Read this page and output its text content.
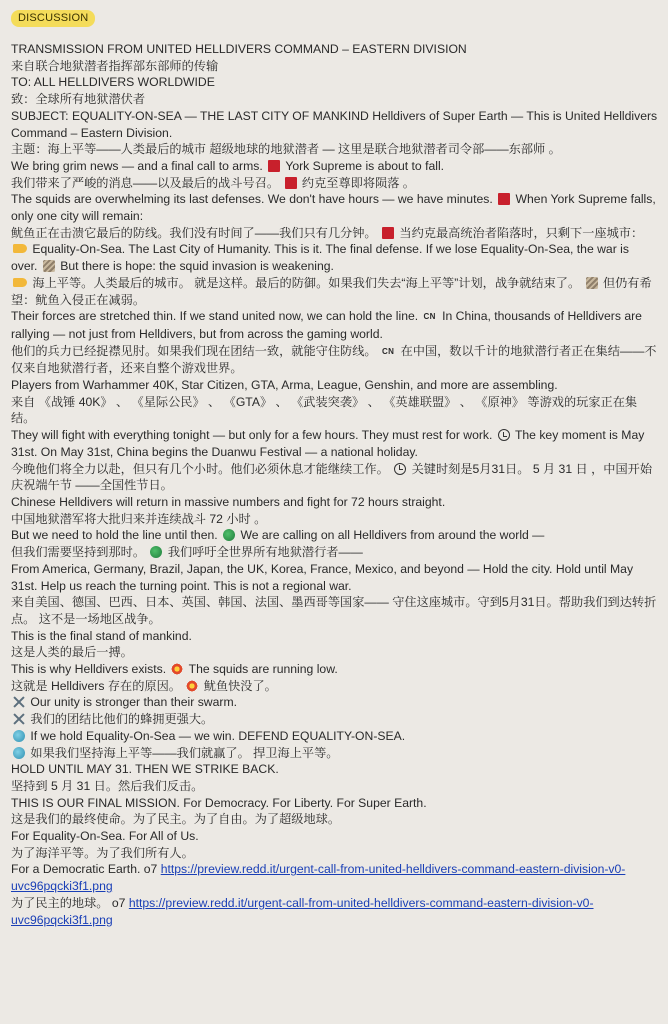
DISCUSSION

TRANSMISSION FROM UNITED HELLDIVERS COMMAND – EASTERN DIVISION

来自联合地狱潜者指挥部东部师的传输

TO: ALL HELLDIVERS WORLDWIDE

致：全球所有地狱潜伏者

SUBJECT: EQUALITY-ON-SEA — THE LAST CITY OF MANKIND Helldivers of Super Earth — This is United Helldivers Command – Eastern Division.

主题：海上平等——人类最后的城市 超级地球的地狱潜者 — 这里是联合地狱潜者司令部——东部师 。

We bring grim news — and a final call to arms. York Supreme is about to fall.

我们带来了严峻的消息——以及最后的战斗号召。 约克至尊即将陨落 。

The squids are overwhelming its last defenses. We don't have hours — we have minutes. When York Supreme falls, only one city will remain:

鱿鱼正在击溃它最后的防线。我们没有时间了——我们只有几分钟。 当约克最高统治者陷落时，只剩下一座城市：

Equality-On-Sea. The Last City of Humanity. This is it. The final defense. If we lose Equality-On-Sea, the war is over. But there is hope: the squid invasion is weakening.

海上平等。人类最后的城市。 就是这样。最后的防御。如果我们失去“海上平等”计划，战争就结束了。 但仍有希望：鱿鱼入侵正在减弱。

Their forces are stretched thin. If we stand united now, we can hold the line. CN In China, thousands of Helldivers are rallying — not just from Helldivers, but from across the gaming world.

他们的兵力已经捉襟见肘。如果我们现在团结一致，就能守住防线。 CN 在中国，数以千计的地狱潜行者正在集结——不仅来自地狱潜行者，还来自整个游戏世界。

Players from Warhammer 40K, Star Citizen, GTA, Arma, League, Genshin, and more are assembling.

来自 《战锤 40K》 、 《星际公民》 、 《GTA》 、 《武装突袭》 、 《英雄联盟》 、 《原神》 等游戏的玩家正在集结。

They will fight with everything tonight — but only for a few hours. They must rest for work. The key moment is May 31st. On May 31st, China begins the Duanwu Festival — a national holiday.

今晚他们将全力以赴，但只有几个小时。他们必须休息才能继续工作。 关键时刻是5月31日。 5 月 31 日 ，中国开始庆祝端午节 ——全国性节日。

Chinese Helldivers will return in massive numbers and fight for 72 hours straight.

中国地狱潜军将大批归来并连续战斗 72 小时 。

But we need to hold the line until then. We are calling on all Helldivers from around the world —

但我们需要坚持到那时。 我们呼吁全世界所有地狱潜行者——

From America, Germany, Brazil, Japan, the UK, Korea, France, Mexico, and beyond — Hold the city. Hold until May 31st. Help us reach the turning point. This is not a regional war.

来自美国、德国、巴西、日本、英国、韩国、法国、墨西哥等国家—— 守住这座城市。守到5月31日。帮助我们到达转折点。 这不是一场地区战争。

This is the final stand of mankind.

这是人类的最后一搏。

This is why Helldivers exists. The squids are running low.

这就是 Helldivers 存在的原因。 鱿鱼快没了。

Our unity is stronger than their swarm.

我们的团结比他们的蜂拥更强大。

If we hold Equality-On-Sea — we win. DEFEND EQUALITY-ON-SEA.

如果我们坚持海上平等——我们就赢了。 捍卫海上平等。

HOLD UNTIL MAY 31. THEN WE STRIKE BACK.

坚持到 5 月 31 日。然后我们反击。

THIS IS OUR FINAL MISSION. For Democracy. For Liberty. For Super Earth.

这是我们的最终使命。为了民主。为了自由。为了超级地球。

For Equality-On-Sea. For All of Us.

为了海洋平等。为了我们所有人。

For a Democratic Earth. o7 https://preview.redd.it/urgent-call-from-united-helldivers-command-eastern-division-v0-uvc96pqcki3f1.png

为了民主的地球。 o7 https://preview.redd.it/urgent-call-from-united-helldivers-command-eastern-division-v0-uvc96pqcki3f1.png
